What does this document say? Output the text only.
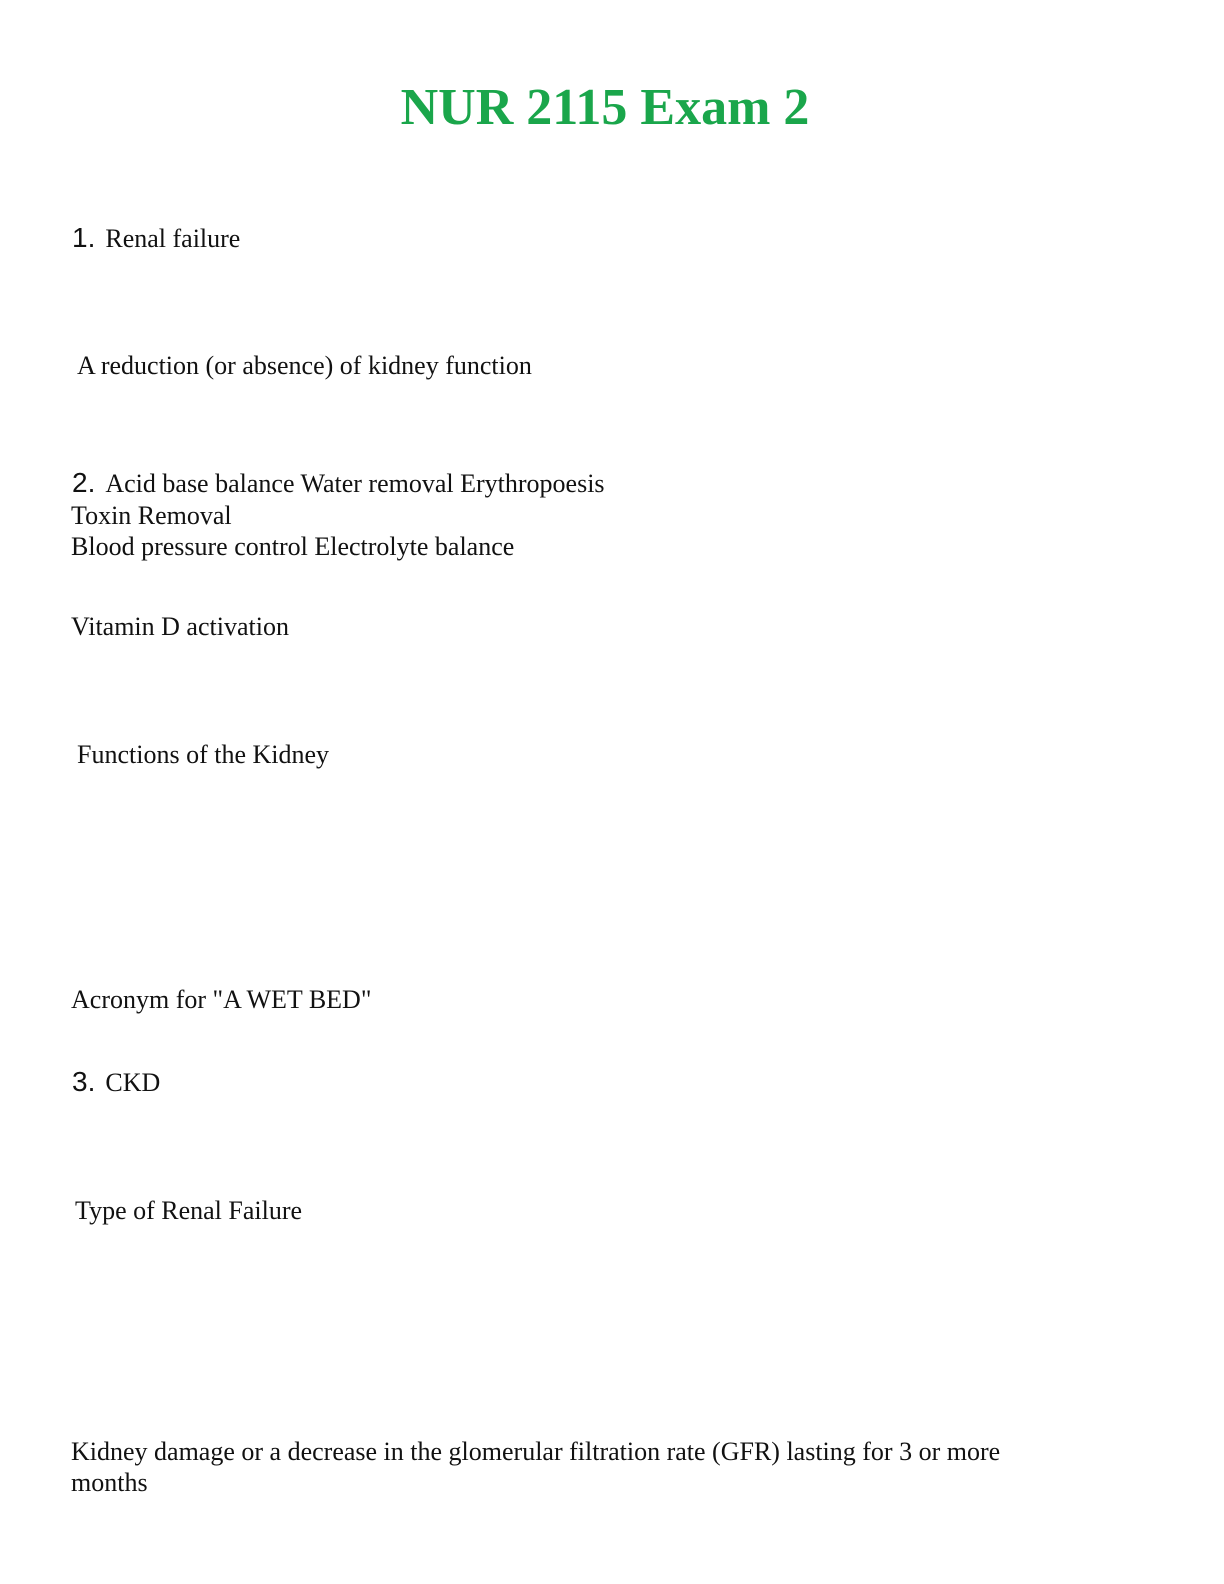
NUR 2115 Exam 2
1. Renal failure
A reduction (or absence) of kidney function
2. Acid base balance Water removal Erythropoesis
Toxin Removal
Blood pressure control Electrolyte balance
Vitamin D activation
Functions of the Kidney
Acronym for "A WET BED"
3. CKD
Type of Renal Failure
Kidney damage or a decrease in the glomerular filtration rate (GFR) lasting for 3 or more months
